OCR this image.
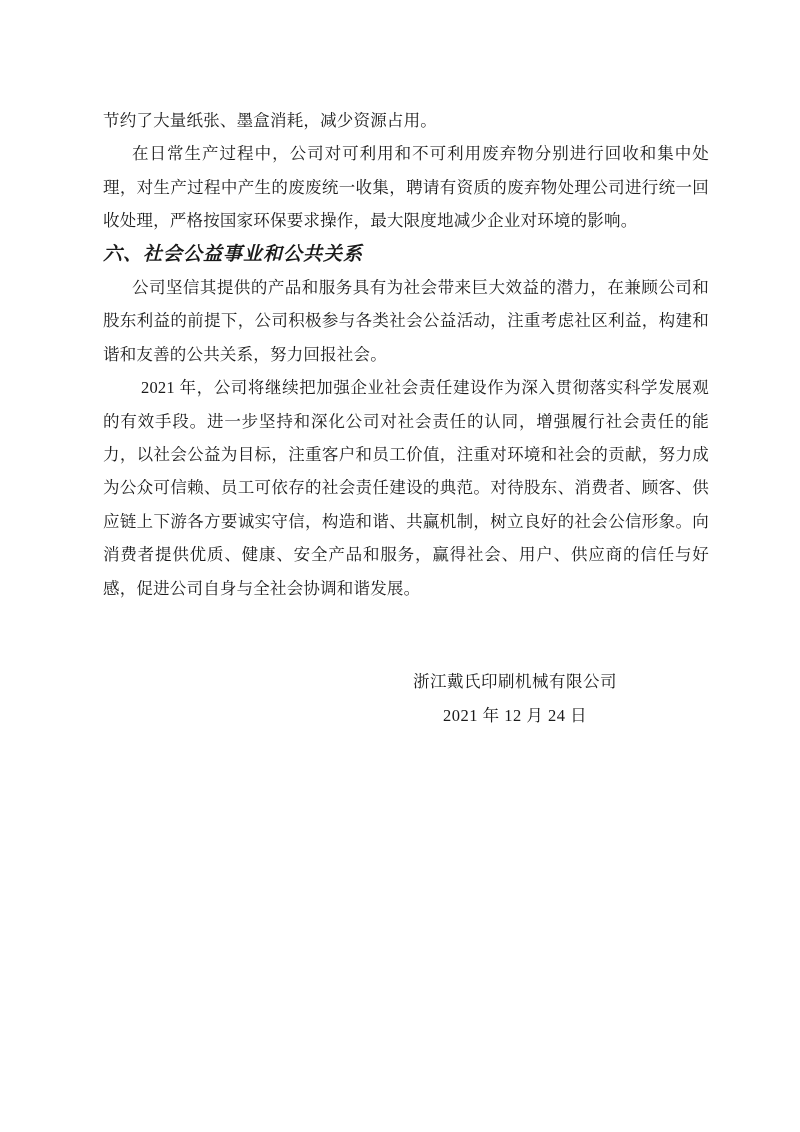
节约了大量纸张、墨盒消耗，减少资源占用。

在日常生产过程中，公司对可利用和不可利用废弃物分别进行回收和集中处理，对生产过程中产生的废废统一收集，聘请有资质的废弃物处理公司进行统一回收处理，严格按国家环保要求操作，最大限度地减少企业对环境的影响。

六、社会公益事业和公共关系

公司坚信其提供的产品和服务具有为社会带来巨大效益的潜力，在兼顾公司和股东利益的前提下，公司积极参与各类社会公益活动，注重考虑社区利益，构建和谐和友善的公共关系，努力回报社会。

2021 年，公司将继续把加强企业社会责任建设作为深入贯彻落实科学发展观的有效手段。进一步坚持和深化公司对社会责任的认同，增强履行社会责任的能力，以社会公益为目标，注重客户和员工价值，注重对环境和社会的贡献，努力成为公众可信赖、员工可依存的社会责任建设的典范。对待股东、消费者、顾客、供应链上下游各方要诚实守信，构造和谐、共赢机制，树立良好的社会公信形象。向消费者提供优质、健康、安全产品和服务，赢得社会、用户、供应商的信任与好感，促进公司自身与全社会协调和谐发展。

浙江戴氏印刷机械有限公司
2021 年 12 月 24 日
